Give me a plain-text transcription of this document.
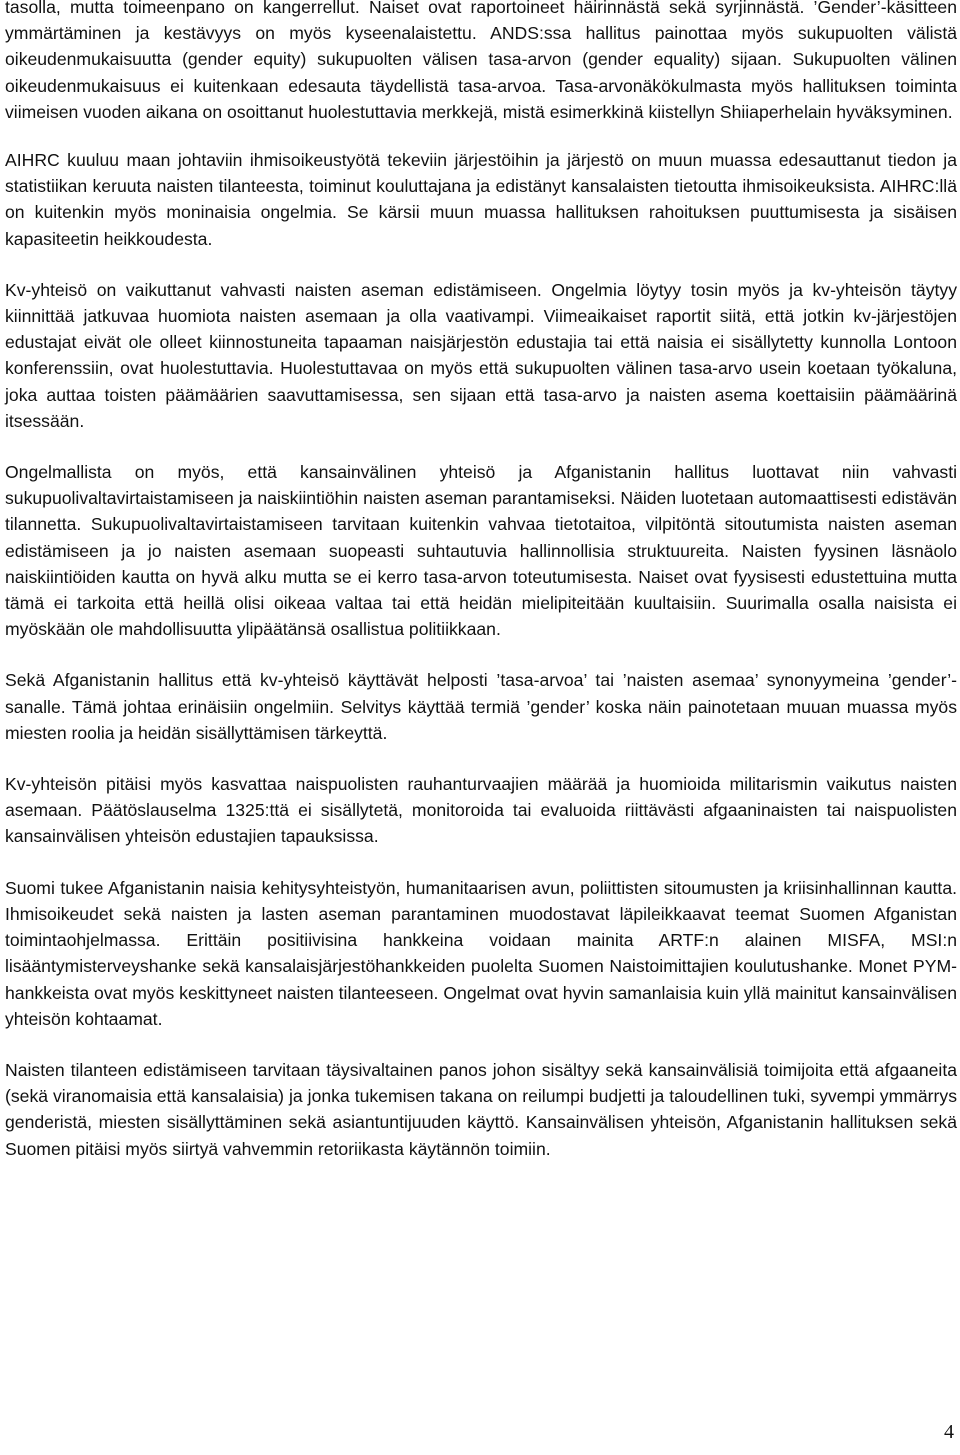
tasolla, mutta toimeenpano on kangerrellut. Naiset ovat raportoineet häirinnästä sekä syrjinnästä. ’Gender’-käsitteen ymmärtäminen ja kestävyys on myös kyseenalaistettu. ANDS:ssa hallitus painottaa myös sukupuolten välistä oikeudenmukaisuutta (gender equity) sukupuolten välisen tasa-arvon (gender equality) sijaan. Sukupuolten välinen oikeudenmukaisuus ei kuitenkaan edesauta täydellistä tasa-arvoa. Tasa-arvonäkökulmasta myös hallituksen toiminta viimeisen vuoden aikana on osoittanut huolestuttavia merkkejä, mistä esimerkkinä kiistellyn Shiiaperhelain hyväksyminen.

AIHRC kuuluu maan johtaviin ihmisoikeustyötä tekeviin järjestöihin ja järjestö on muun muassa edesauttanut tiedon ja statistiikan keruuta naisten tilanteesta, toiminut kouluttajana ja edistänyt kansalaisten tietoutta ihmisoikeuksista. AIHRC:llä on kuitenkin myös moninaisia ongelmia. Se kärsii muun muassa hallituksen rahoituksen puuttumisesta ja sisäisen kapasiteetin heikkoudesta.

Kv-yhteisö on vaikuttanut vahvasti naisten aseman edistämiseen. Ongelmia löytyy tosin myös ja kv-yhteisön täytyy kiinnittää jatkuvaa huomiota naisten asemaan ja olla vaativampi. Viimeaikaiset raportit siitä, että jotkin kv-järjestöjen edustajat eivät ole olleet kiinnostuneita tapaaman naisjärjestön edustajia tai että naisia ei sisällytetty kunnolla Lontoon konferenssiin, ovat huolestuttavia. Huolestuttavaa on myös että sukupuolten välinen tasa-arvo usein koetaan työkaluna, joka auttaa toisten päämäärien saavuttamisessa, sen sijaan että tasa-arvo ja naisten asema koettaisiin päämäärinä itsessään.

Ongelmallista on myös, että kansainvälinen yhteisö ja Afganistanin hallitus luottavat niin vahvasti sukupuolivaltavirtaistamiseen ja naiskiintiöhin naisten aseman parantamiseksi. Näiden luotetaan automaattisesti edistävän tilannetta. Sukupuolivaltavirtaistamiseen tarvitaan kuitenkin vahvaa tietotaitoa, vilpitöntä sitoutumista naisten aseman edistämiseen ja jo naisten asemaan suopeasti suhtautuvia hallinnollisia struktuureita. Naisten fyysinen läsnäolo naiskiintiöiden kautta on hyvä alku mutta se ei kerro tasa-arvon toteutumisesta. Naiset ovat fyysisesti edustettuina mutta tämä ei tarkoita että heillä olisi oikeaa valtaa tai että heidän mielipiteitään kuultaisiin. Suurimalla osalla naisista ei myöskään ole mahdollisuutta ylipäätänsä osallistua politiikkaan.

Sekä Afganistanin hallitus että kv-yhteisö käyttävät helposti ’tasa-arvoa’ tai ’naisten asemaa’ synonyymeina ’gender’-sanalle. Tämä johtaa erinäisiin ongelmiin. Selvitys käyttää termiä ’gender’ koska näin painotetaan muuan muassa myös miesten roolia ja heidän sisällyttämisen tärkeyttä.

Kv-yhteisön pitäisi myös kasvattaa naispuolisten rauhanturvaajien määrää ja huomioida militarismin vaikutus naisten asemaan. Päätöslauselma 1325:ttä ei sisällytetä, monitoroida tai evaluoida riittävästi afgaaninaisten tai naispuolisten kansainvälisen yhteisön edustajien tapauksissa.

Suomi tukee Afganistanin naisia kehitysyhteistyön, humanitaarisen avun, poliittisten sitoumusten ja kriisinhallinnan kautta. Ihmisoikeudet sekä naisten ja lasten aseman parantaminen muodostavat läpileikkaavat teemat Suomen Afganistan toimintaohjelmassa. Erittäin positiivisina hankkeina voidaan mainita ARTF:n alainen MISFA, MSI:n lisääntymisterveyshanke sekä kansalaisjärjestöhankkeiden puolelta Suomen Naistoimittajien koulutushanke. Monet PYM-hankkeista ovat myös keskittyneet naisten tilanteeseen. Ongelmat ovat hyvin samanlaisia kuin yllä mainitut kansainvälisen yhteisön kohtaamat.

Naisten tilanteen edistämiseen tarvitaan täysivaltainen panos johon sisältyy sekä kansainvälisiä toimijoita että afgaaneita (sekä viranomaisia että kansalaisia) ja jonka tukemisen takana on reilumpi budjetti ja taloudellinen tuki, syvempi ymmärrys genderistä, miesten sisällyttäminen sekä asiantuntijuuden käyttö. Kansainvälisen yhteisön, Afganistanin hallituksen sekä Suomen pitäisi myös siirtyä vahvemmin retoriikasta käytännön toimiin.

4
